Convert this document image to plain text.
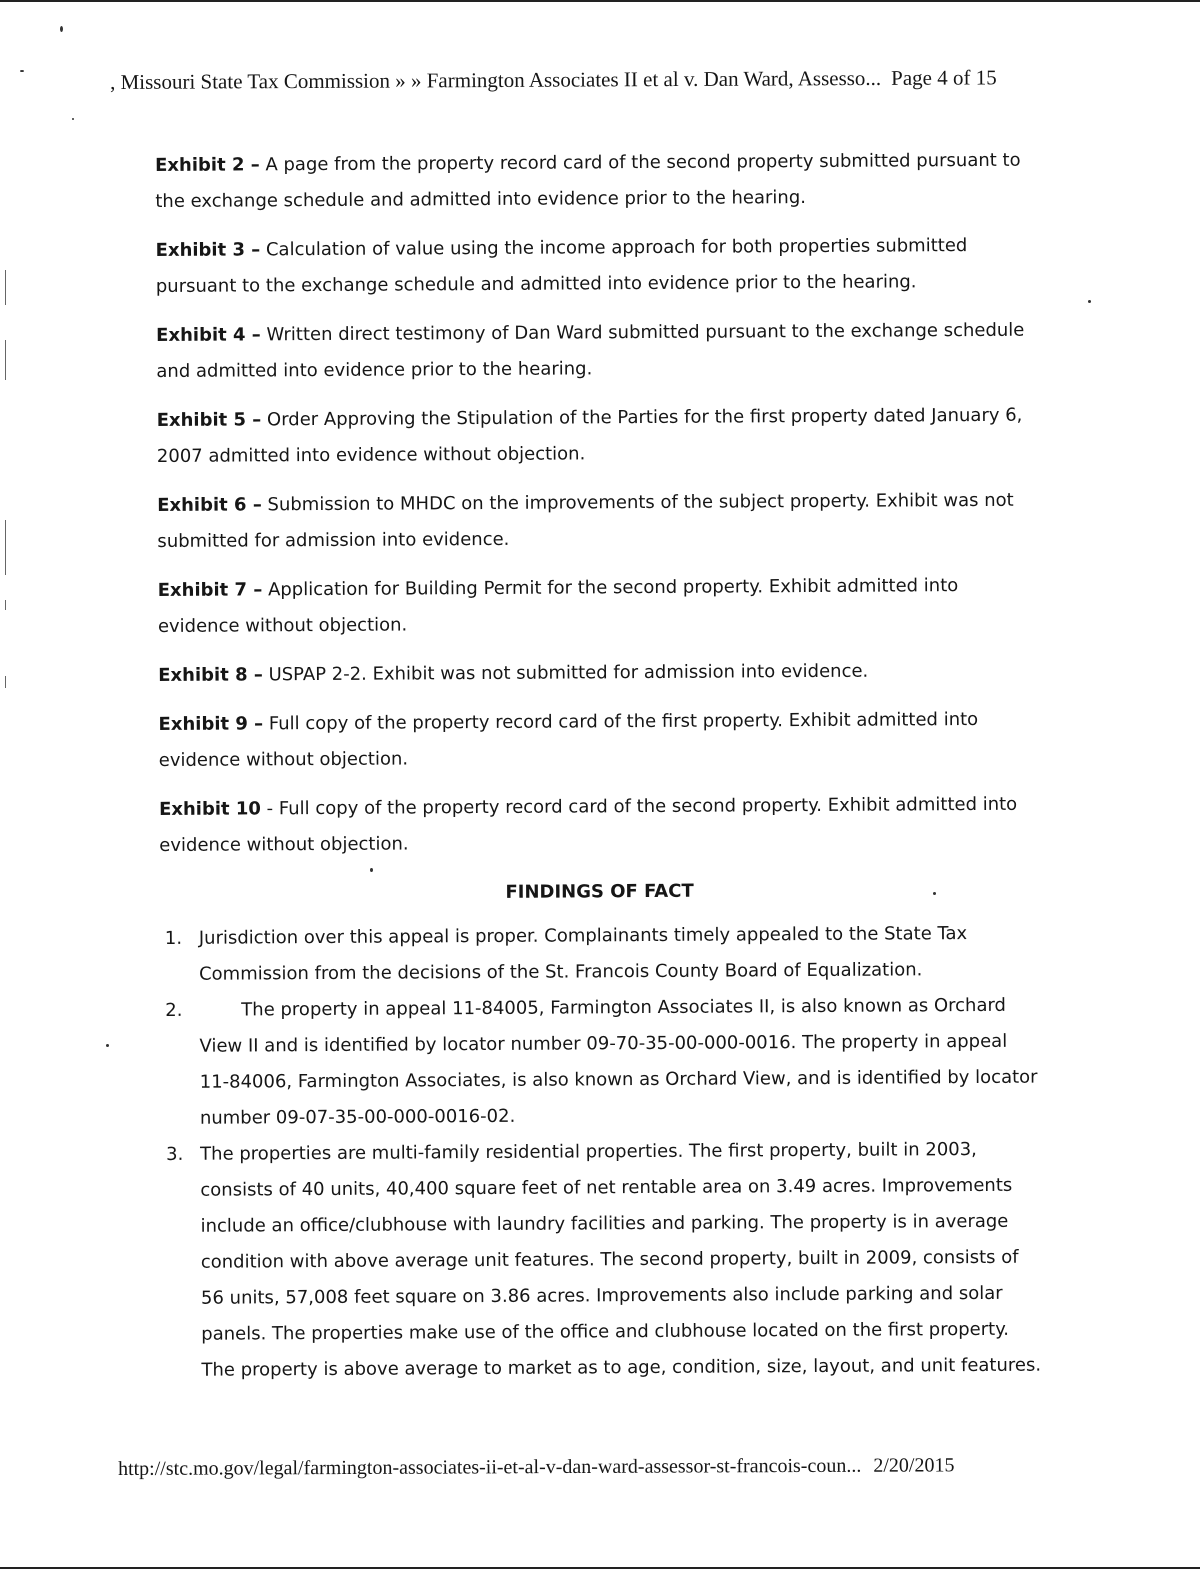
, Missouri State Tax Commission » » Farmington Associates II et al v. Dan Ward, Assesso... Page 4 of 15

Exhibit 2 – A page from the property record card of the second property submitted pursuant to the exchange schedule and admitted into evidence prior to the hearing.

Exhibit 3 – Calculation of value using the income approach for both properties submitted pursuant to the exchange schedule and admitted into evidence prior to the hearing.

Exhibit 4 – Written direct testimony of Dan Ward submitted pursuant to the exchange schedule and admitted into evidence prior to the hearing.

Exhibit 5 – Order Approving the Stipulation of the Parties for the first property dated January 6, 2007 admitted into evidence without objection.

Exhibit 6 – Submission to MHDC on the improvements of the subject property. Exhibit was not submitted for admission into evidence.

Exhibit 7 – Application for Building Permit for the second property. Exhibit admitted into evidence without objection.

Exhibit 8 – USPAP 2-2. Exhibit was not submitted for admission into evidence.

Exhibit 9 – Full copy of the property record card of the first property. Exhibit admitted into evidence without objection.

Exhibit 10 - Full copy of the property record card of the second property. Exhibit admitted into evidence without objection.

FINDINGS OF FACT
1. Jurisdiction over this appeal is proper. Complainants timely appealed to the State Tax Commission from the decisions of the St. Francois County Board of Equalization.
2.	The property in appeal 11-84005, Farmington Associates II, is also known as Orchard View II and is identified by locator number 09-70-35-00-000-0016. The property in appeal 11-84006, Farmington Associates, is also known as Orchard View, and is identified by locator number 09-07-35-00-000-0016-02.
3. The properties are multi-family residential properties. The first property, built in 2003, consists of 40 units, 40,400 square feet of net rentable area on 3.49 acres. Improvements include an office/clubhouse with laundry facilities and parking. The property is in average condition with above average unit features. The second property, built in 2009, consists of 56 units, 57,008 feet square on 3.86 acres. Improvements also include parking and solar panels. The properties make use of the office and clubhouse located on the first property. The property is above average to market as to age, condition, size, layout, and unit features.
http://stc.mo.gov/legal/farmington-associates-ii-et-al-v-dan-ward-assessor-st-francois-coun... 2/20/2015
